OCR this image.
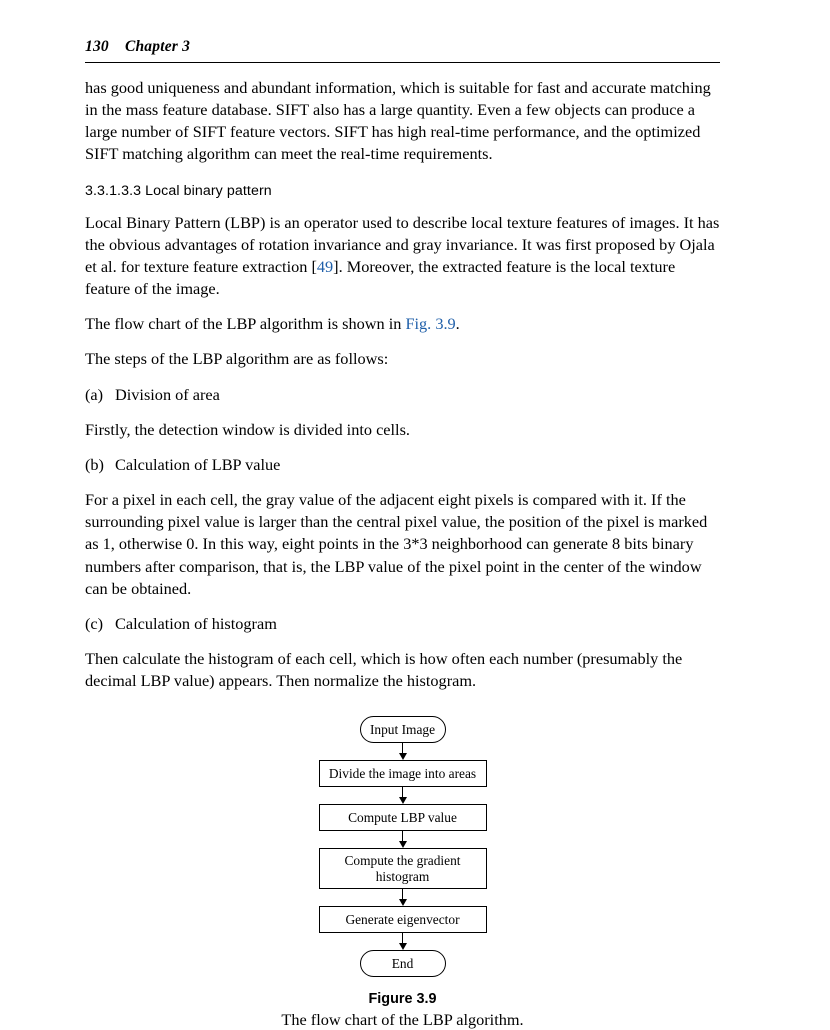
130 Chapter 3

has good uniqueness and abundant information, which is suitable for fast and accurate matching in the mass feature database. SIFT also has a large quantity. Even a few objects can produce a large number of SIFT feature vectors. SIFT has high real-time performance, and the optimized SIFT matching algorithm can meet the real-time requirements.

3.3.1.3.3 Local binary pattern

Local Binary Pattern (LBP) is an operator used to describe local texture features of images. It has the obvious advantages of rotation invariance and gray invariance. It was first proposed by Ojala et al. for texture feature extraction [49]. Moreover, the extracted feature is the local texture feature of the image.

The flow chart of the LBP algorithm is shown in Fig. 3.9.

The steps of the LBP algorithm are as follows:

(a) Division of area

Firstly, the detection window is divided into cells.

(b) Calculation of LBP value

For a pixel in each cell, the gray value of the adjacent eight pixels is compared with it. If the surrounding pixel value is larger than the central pixel value, the position of the pixel is marked as 1, otherwise 0. In this way, eight points in the 3*3 neighborhood can generate 8 bits binary numbers after comparison, that is, the LBP value of the pixel point in the center of the window can be obtained.

(c) Calculation of histogram

Then calculate the histogram of each cell, which is how often each number (presumably the decimal LBP value) appears. Then normalize the histogram.

Input Image
Divide the image into areas
Compute LBP value
Compute the gradient
histogram
Generate eigenvector
End
Figure 3.9
The flow chart of the LBP algorithm.
